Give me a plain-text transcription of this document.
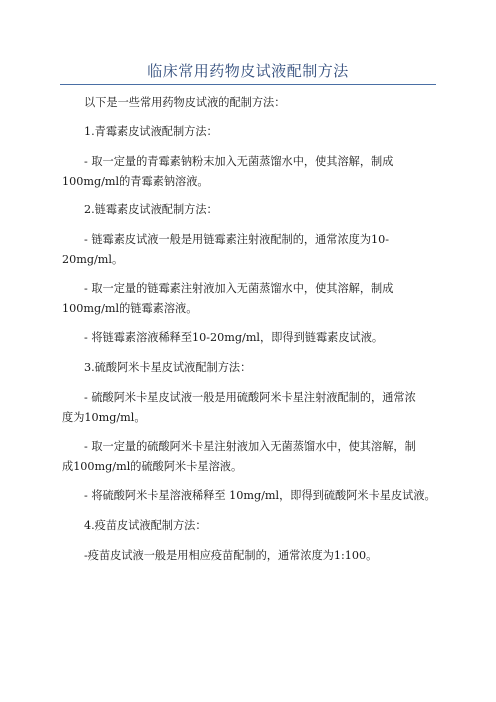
临床常用药物皮试液配制方法
以下是一些常用药物皮试液的配制方法：
1.青霉素皮试液配制方法：
- 取一定量的青霉素钠粉末加入无菌蒸馏水中，使其溶解，制成
100mg/ml的青霉素钠溶液。
2.链霉素皮试液配制方法：
- 链霉素皮试液一般是用链霉素注射液配制的，通常浓度为10-
20mg/ml。
- 取一定量的链霉素注射液加入无菌蒸馏水中，使其溶解，制成
100mg/ml的链霉素溶液。
- 将链霉素溶液稀释至10-20mg/ml，即得到链霉素皮试液。
3.硫酸阿米卡星皮试液配制方法：
- 硫酸阿米卡星皮试液一般是用硫酸阿米卡星注射液配制的，通常浓
度为10mg/ml。
- 取一定量的硫酸阿米卡星注射液加入无菌蒸馏水中，使其溶解，制
成100mg/ml的硫酸阿米卡星溶液。
- 将硫酸阿米卡星溶液稀释至 10mg/ml，即得到硫酸阿米卡星皮试液。
4.疫苗皮试液配制方法：
-疫苗皮试液一般是用相应疫苗配制的，通常浓度为1:100。
